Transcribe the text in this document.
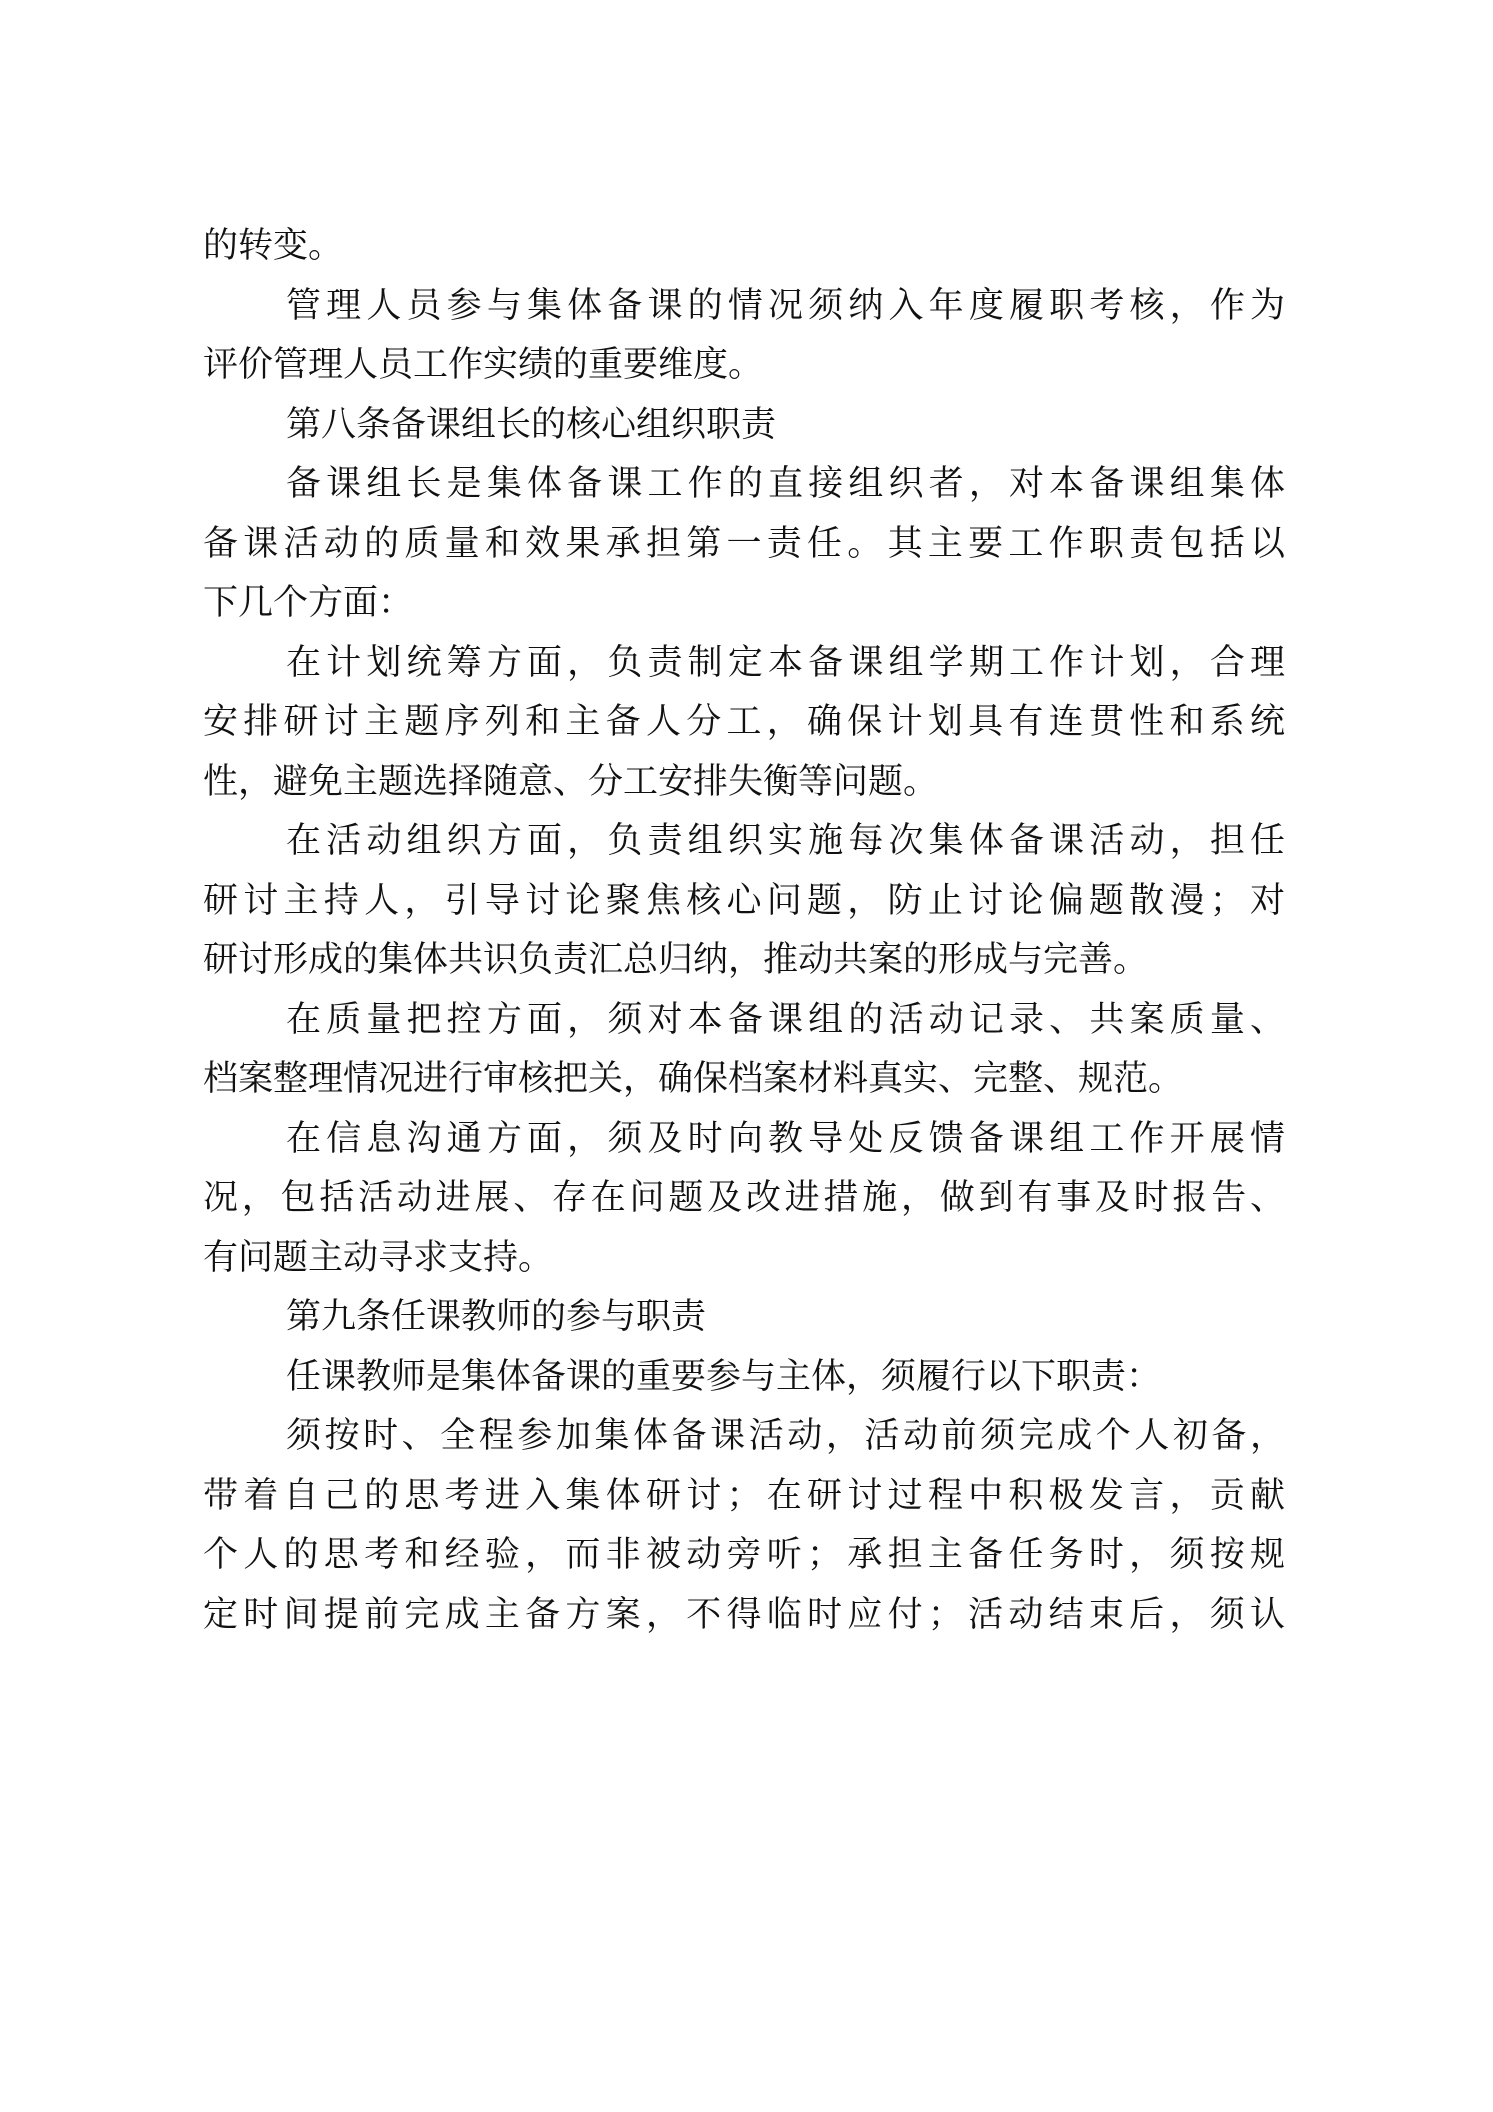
的转变。
管理人员参与集体备课的情况须纳入年度履职考核，作为
评价管理人员工作实绩的重要维度。
第八条备课组长的核心组织职责
备课组长是集体备课工作的直接组织者，对本备课组集体
备课活动的质量和效果承担第一责任。其主要工作职责包括以
下几个方面：
在计划统筹方面，负责制定本备课组学期工作计划，合理
安排研讨主题序列和主备人分工，确保计划具有连贯性和系统
性，避免主题选择随意、分工安排失衡等问题。
在活动组织方面，负责组织实施每次集体备课活动，担任
研讨主持人，引导讨论聚焦核心问题，防止讨论偏题散漫；对
研讨形成的集体共识负责汇总归纳，推动共案的形成与完善。
在质量把控方面，须对本备课组的活动记录、共案质量、
档案整理情况进行审核把关，确保档案材料真实、完整、规范。
在信息沟通方面，须及时向教导处反馈备课组工作开展情
况，包括活动进展、存在问题及改进措施，做到有事及时报告、
有问题主动寻求支持。
第九条任课教师的参与职责
任课教师是集体备课的重要参与主体，须履行以下职责：
须按时、全程参加集体备课活动，活动前须完成个人初备，
带着自己的思考进入集体研讨；在研讨过程中积极发言，贡献
个人的思考和经验，而非被动旁听；承担主备任务时，须按规
定时间提前完成主备方案，不得临时应付；活动结束后，须认
